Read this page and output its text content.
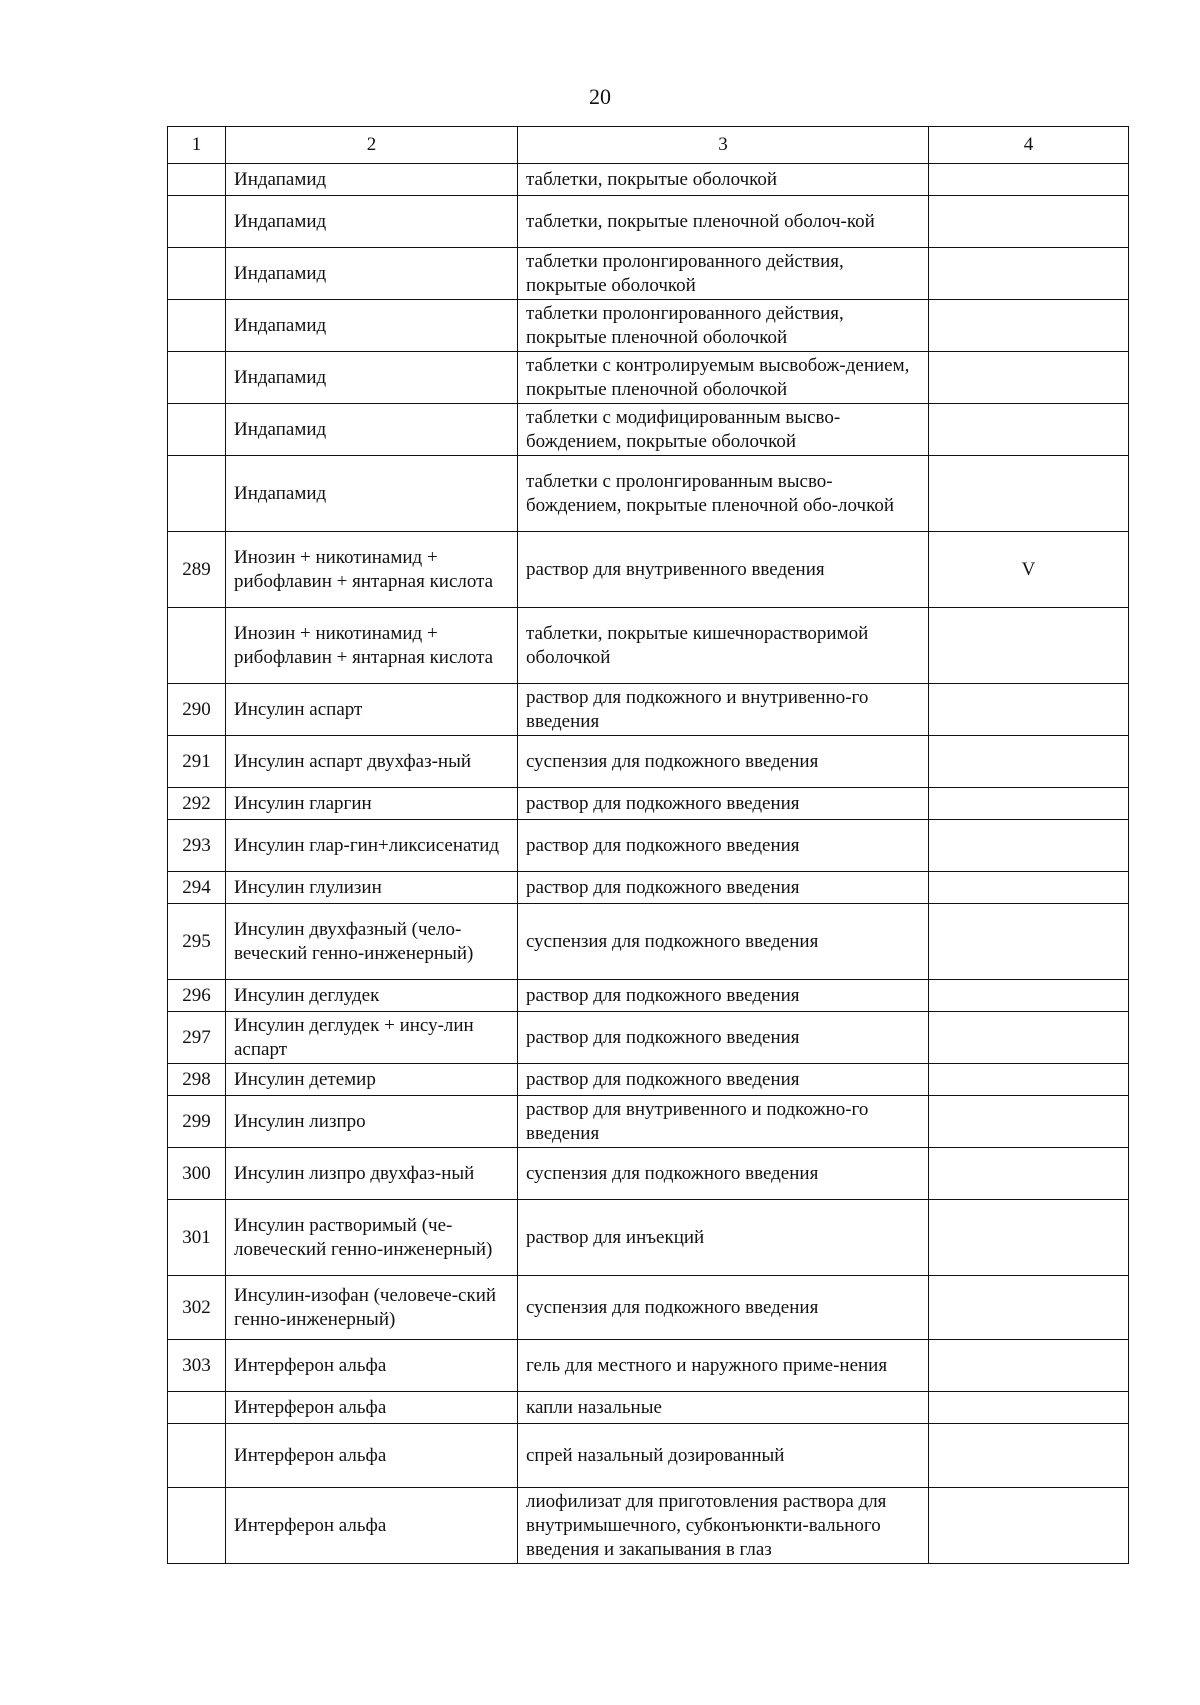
20
1	2	3	4
	Индапамид	таблетки, покрытые оболочкой	
	Индапамид	таблетки, покрытые пленочной оболоч-кой	
	Индапамид	таблетки пролонгированного действия, покрытые оболочкой	
	Индапамид	таблетки пролонгированного действия, покрытые пленочной оболочкой	
	Индапамид	таблетки с контролируемым высвобож-дением, покрытые пленочной оболочкой	
	Индапамид	таблетки с модифицированным высво-бождением, покрытые оболочкой	
	Индапамид	таблетки с пролонгированным высво-бождением, покрытые пленочной обо-лочкой	
289	Инозин + никотинамид + рибофлавин + янтарная кислота	раствор для внутривенного введения	V
	Инозин + никотинамид + рибофлавин + янтарная кислота	таблетки, покрытые кишечнорастворимой оболочкой	
290	Инсулин аспарт	раствор для подкожного и внутривенно-го введения	
291	Инсулин аспарт двухфаз-ный	суспензия для подкожного введения	
292	Инсулин гларгин	раствор для подкожного введения	
293	Инсулин глар-гин+ликсисенатид	раствор для подкожного введения	
294	Инсулин глулизин	раствор для подкожного введения	
295	Инсулин двухфазный (чело-веческий генно-инженерный)	суспензия для подкожного введения	
296	Инсулин деглудек	раствор для подкожного введения	
297	Инсулин деглудек + инсу-лин аспарт	раствор для подкожного введения	
298	Инсулин детемир	раствор для подкожного введения	
299	Инсулин лизпро	раствор для внутривенного и подкожно-го введения	
300	Инсулин лизпро двухфаз-ный	суспензия для подкожного введения	
301	Инсулин растворимый (че-ловеческий генно-инженерный)	раствор для инъекций	
302	Инсулин-изофан (человече-ский генно-инженерный)	суспензия для подкожного введения	
303	Интерферон альфа	гель для местного и наружного приме-нения	
	Интерферон альфа	капли назальные	
	Интерферон альфа	спрей назальный дозированный	
	Интерферон альфа	лиофилизат для приготовления раствора для внутримышечного, субконъюнкти-вального введения и закапывания в глаз	
